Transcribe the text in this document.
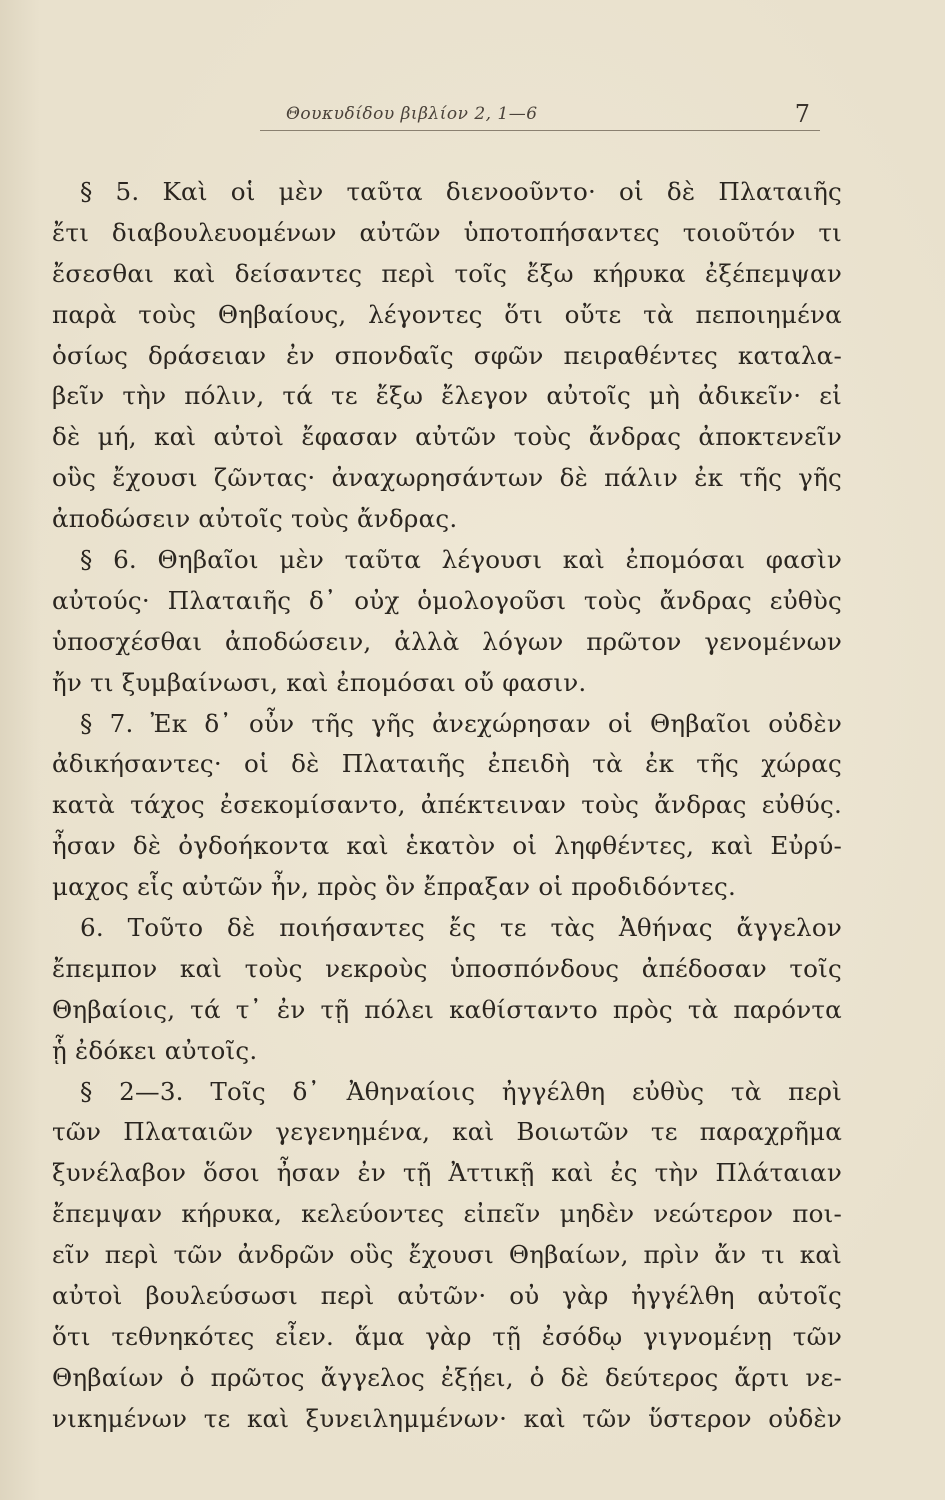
Θουκυδίδου βιβλίον 2, 1—6	7
§ 5. Καὶ οἱ μὲν ταῦτα διενοοῦντο· οἱ δὲ Πλαταιῆς
ἔτι διαβουλευομένων αὐτῶν ὑποτοπήσαντες τοιοῦτόν τι
ἔσεσθαι καὶ δείσαντες περὶ τοῖς ἔξω κήρυκα ἐξέπεμψαν
παρὰ τοὺς Θηβαίους, λέγοντες ὅτι οὔτε τὰ πεποιημένα
ὁσίως δράσειαν ἐν σπονδαῖς σφῶν πειραθέντες καταλα-
βεῖν τὴν πόλιν, τά τε ἔξω ἔλεγον αὐτοῖς μὴ ἀδικεῖν· εἰ
δὲ μή, καὶ αὐτοὶ ἔφασαν αὐτῶν τοὺς ἄνδρας ἀποκτενεῖν
οὓς ἔχουσι ζῶντας· ἀναχωρησάντων δὲ πάλιν ἐκ τῆς γῆς
ἀποδώσειν αὐτοῖς τοὺς ἄνδρας.
§ 6. Θηβαῖοι μὲν ταῦτα λέγουσι καὶ ἐπομόσαι φασὶν
αὐτούς· Πλαταιῆς δ᾽ οὐχ ὁμολογοῦσι τοὺς ἄνδρας εὐθὺς
ὑποσχέσθαι ἀποδώσειν, ἀλλὰ λόγων πρῶτον γενομένων
ἤν τι ξυμβαίνωσι, καὶ ἐπομόσαι οὔ φασιν.
§ 7. Ἐκ δ᾽ οὖν τῆς γῆς ἀνεχώρησαν οἱ Θηβαῖοι οὐδὲν
ἀδικήσαντες· οἱ δὲ Πλαταιῆς ἐπειδὴ τὰ ἐκ τῆς χώρας
κατὰ τάχος ἐσεκομίσαντο, ἀπέκτειναν τοὺς ἄνδρας εὐθύς.
ἦσαν δὲ ὀγδοήκοντα καὶ ἑκατὸν οἱ ληφθέντες, καὶ Εὐρύ-
μαχος εἷς αὐτῶν ἦν, πρὸς ὃν ἔπραξαν οἱ προδιδόντες.
6. Τοῦτο δὲ ποιήσαντες ἔς τε τὰς Ἀθήνας ἄγγελον
ἔπεμπον καὶ τοὺς νεκροὺς ὑποσπόνδους ἀπέδοσαν τοῖς
Θηβαίοις, τά τ᾽ ἐν τῇ πόλει καθίσταντο πρὸς τὰ παρόντα
ᾗ ἐδόκει αὐτοῖς.
§ 2—3. Τοῖς δ᾽ Ἀθηναίοις ἠγγέλθη εὐθὺς τὰ περὶ
τῶν Πλαταιῶν γεγενημένα, καὶ Βοιωτῶν τε παραχρῆμα
ξυνέλαβον ὅσοι ἦσαν ἐν τῇ Ἀττικῇ καὶ ἐς τὴν Πλάταιαν
ἔπεμψαν κήρυκα, κελεύοντες εἰπεῖν μηδὲν νεώτερον ποι-
εῖν περὶ τῶν ἀνδρῶν οὓς ἔχουσι Θηβαίων, πρὶν ἄν τι καὶ
αὐτοὶ βουλεύσωσι περὶ αὐτῶν· οὐ γὰρ ἠγγέλθη αὐτοῖς
ὅτι τεθνηκότες εἶεν. ἅμα γὰρ τῇ ἐσόδῳ γιγνομένῃ τῶν
Θηβαίων ὁ πρῶτος ἄγγελος ἐξῄει, ὁ δὲ δεύτερος ἄρτι νε-
νικημένων τε καὶ ξυνειλημμένων· καὶ τῶν ὕστερον οὐδὲν
